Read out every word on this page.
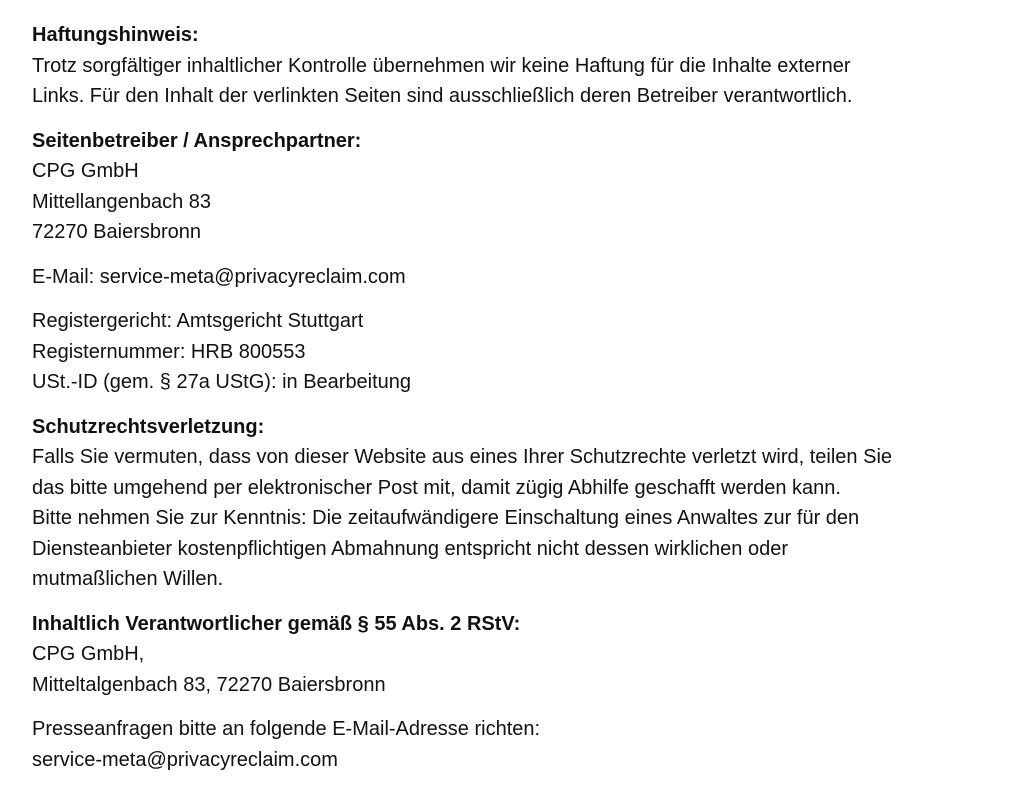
Haftungshinweis:
Trotz sorgfältiger inhaltlicher Kontrolle übernehmen wir keine Haftung für die Inhalte externer
Links. Für den Inhalt der verlinkten Seiten sind ausschließlich deren Betreiber verantwortlich.
Seitenbetreiber / Ansprechpartner:
CPG GmbH
Mittellangenbach 83
72270 Baiersbronn
E-Mail: service-meta@privacyreclaim.com
Registergericht: Amtsgericht Stuttgart
Registernummer: HRB 800553
USt.-ID (gem. § 27a UStG): in Bearbeitung
Schutzrechtsverletzung:
Falls Sie vermuten, dass von dieser Website aus eines Ihrer Schutzrechte verletzt wird, teilen Sie
das bitte umgehend per elektronischer Post mit, damit zügig Abhilfe geschafft werden kann.
Bitte nehmen Sie zur Kenntnis: Die zeitaufwändigere Einschaltung eines Anwaltes zur für den
Diensteanbieter kostenpflichtigen Abmahnung entspricht nicht dessen wirklichen oder
mutmaßlichen Willen.
Inhaltlich Verantwortlicher gemäß § 55 Abs. 2 RStV:
CPG GmbH,
Mitteltalgenbach 83, 72270 Baiersbronn
Presseanfragen bitte an folgende E-Mail-Adresse richten:
service-meta@privacyreclaim.com
